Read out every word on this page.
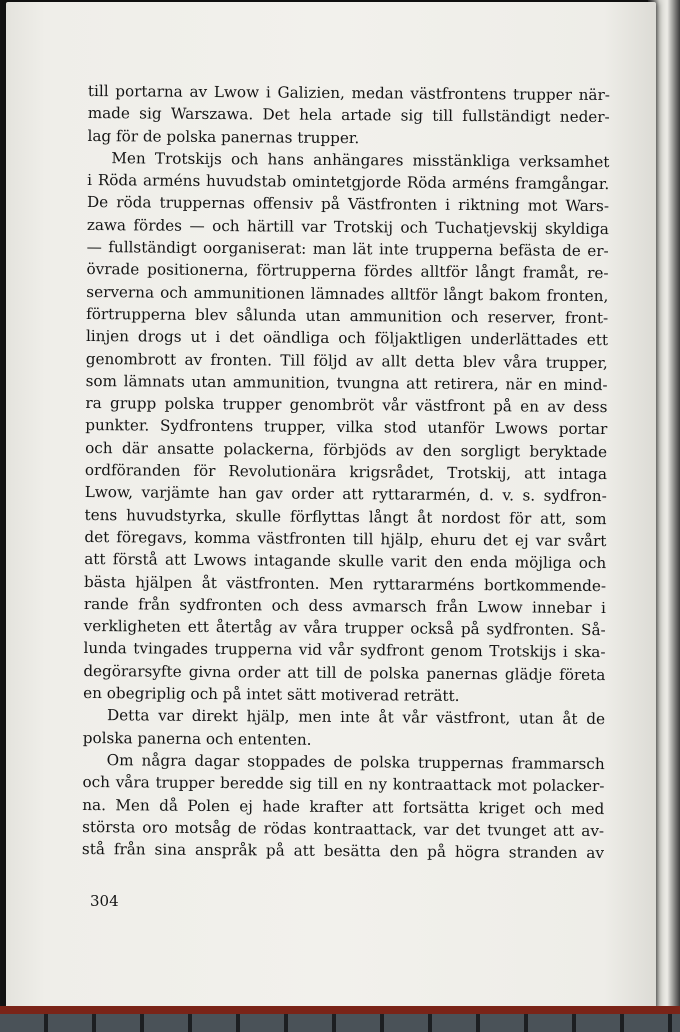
till portarna av Lwow i Galizien, medan västfrontens trupper när-
made sig Warszawa. Det hela artade sig till fullständigt neder-
lag för de polska panernas trupper.
Men Trotskijs och hans anhängares misstänkliga verksamhet
i Röda arméns huvudstab omintetgjorde Röda arméns framgångar.
De röda truppernas offensiv på Västfronten i riktning mot Wars-
zawa fördes — och härtill var Trotskij och Tuchatjevskij skyldiga
— fullständigt oorganiserat: man lät inte trupperna befästa de er-
övrade positionerna, förtrupperna fördes alltför långt framåt, re-
serverna och ammunitionen lämnades alltför långt bakom fronten,
förtrupperna blev sålunda utan ammunition och reserver, front-
linjen drogs ut i det oändliga och följaktligen underlättades ett
genombrott av fronten. Till följd av allt detta blev våra trupper,
som lämnats utan ammunition, tvungna att retirera, när en mind-
ra grupp polska trupper genombröt vår västfront på en av dess
punkter. Sydfrontens trupper, vilka stod utanför Lwows portar
och där ansatte polackerna, förbjöds av den sorgligt beryktade
ordföranden för Revolutionära krigsrådet, Trotskij, att intaga
Lwow, varjämte han gav order att ryttararmén, d. v. s. sydfron-
tens huvudstyrka, skulle förflyttas långt åt nordost för att, som
det föregavs, komma västfronten till hjälp, ehuru det ej var svårt
att förstå att Lwows intagande skulle varit den enda möjliga och
bästa hjälpen åt västfronten. Men ryttararméns bortkommende-
rande från sydfronten och dess avmarsch från Lwow innebar i
verkligheten ett återtåg av våra trupper också på sydfronten. Så-
lunda tvingades trupperna vid vår sydfront genom Trotskijs i ska-
degörarsyfte givna order att till de polska panernas glädje företa
en obegriplig och på intet sätt motiverad reträtt.
Detta var direkt hjälp, men inte åt vår västfront, utan åt de
polska panerna och ententen.
Om några dagar stoppades de polska truppernas frammarsch
och våra trupper beredde sig till en ny kontraattack mot polacker-
na. Men då Polen ej hade krafter att fortsätta kriget och med
största oro motsåg de rödas kontraattack, var det tvunget att av-
stå från sina anspråk på att besätta den på högra stranden av
304
